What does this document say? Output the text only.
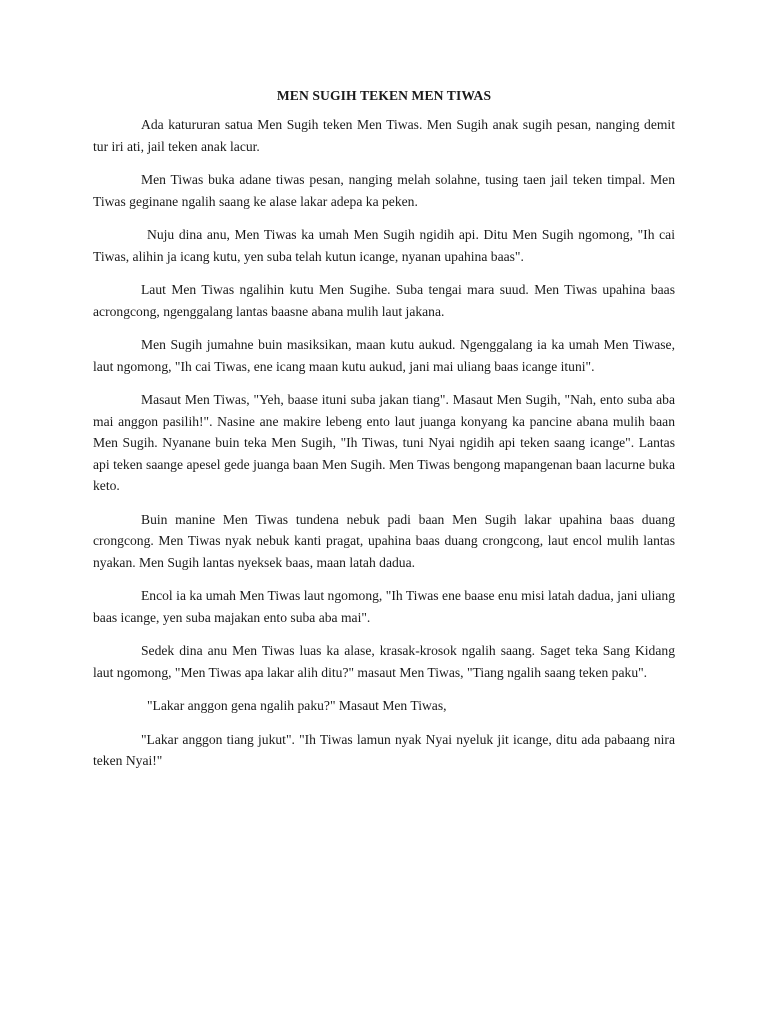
MEN SUGIH TEKEN MEN TIWAS

Ada katururan satua Men Sugih teken Men Tiwas. Men Sugih anak sugih pesan, nanging demit tur iri ati, jail teken anak lacur.

Men Tiwas buka adane tiwas pesan, nanging melah solahne, tusing taen jail teken timpal. Men Tiwas geginane ngalih saang ke alase lakar adepa ka peken.

Nuju dina anu, Men Tiwas ka umah Men Sugih ngidih api. Ditu Men Sugih ngomong, "Ih cai Tiwas, alihin ja icang kutu, yen suba telah kutun icange, nyanan upahina baas".

Laut Men Tiwas ngalihin kutu Men Sugihe. Suba tengai mara suud. Men Tiwas upahina baas acrongcong, ngenggalang lantas baasne abana mulih laut jakana.

Men Sugih jumahne buin masiksikan, maan kutu aukud. Ngenggalang ia ka umah Men Tiwase, laut ngomong, "Ih cai Tiwas, ene icang maan kutu aukud, jani mai uliang baas icange ituni".

Masaut Men Tiwas, "Yeh, baase ituni suba jakan tiang". Masaut Men Sugih, "Nah, ento suba aba mai anggon pasilih!". Nasine ane makire lebeng ento laut juanga konyang ka pancine abana mulih baan Men Sugih. Nyanane buin teka Men Sugih, "Ih Tiwas, tuni Nyai ngidih api teken saang icange". Lantas api teken saange apesel gede juanga baan Men Sugih. Men Tiwas bengong mapangenan baan lacurne buka keto.

Buin manine Men Tiwas tundena nebuk padi baan Men Sugih lakar upahina baas duang crongcong. Men Tiwas nyak nebuk kanti pragat, upahina baas duang crongcong, laut encol mulih lantas nyakan. Men Sugih lantas nyeksek baas, maan latah dadua.

Encol ia ka umah Men Tiwas laut ngomong, "Ih Tiwas ene baase enu misi latah dadua, jani uliang baas icange, yen suba majakan ento suba aba mai".

Sedek dina anu Men Tiwas luas ka alase, krasak-krosok ngalih saang. Saget teka Sang Kidang laut ngomong, "Men Tiwas apa lakar alih ditu?" masaut Men Tiwas, "Tiang ngalih saang teken paku".

"Lakar anggon gena ngalih paku?" Masaut Men Tiwas,

"Lakar anggon tiang jukut". "Ih Tiwas lamun nyak Nyai nyeluk jit icange, ditu ada pabaang nira teken Nyai!"
